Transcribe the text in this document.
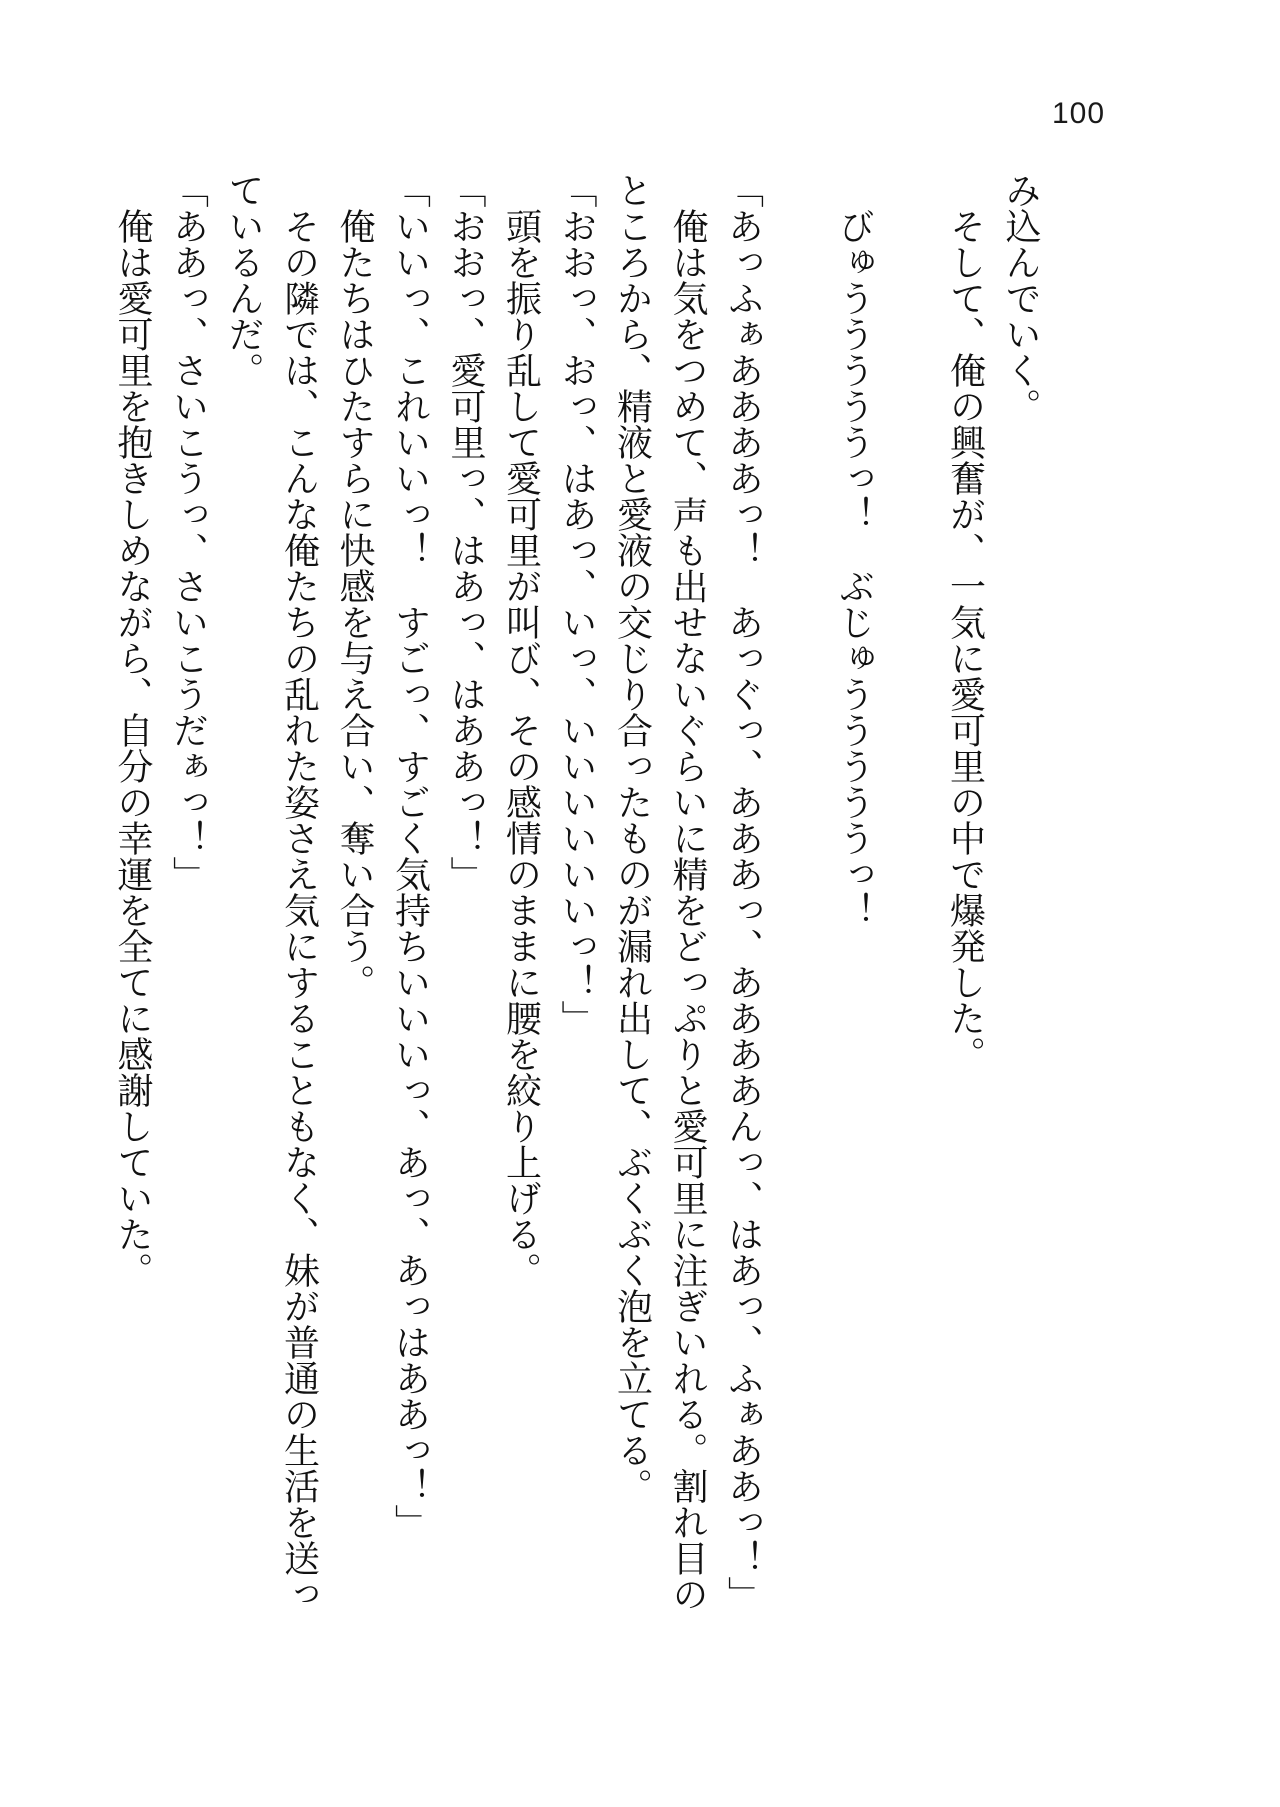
100
み込んでいく。
そして、俺の興奮が、一気に愛可里の中で爆発した。

びゅうううううっ！　ぶじゅうううううっ！

「あっふぁああああっ！　あっぐっ、あああっ、ああああんっ、はあっ、ふぁああっ！」
俺は気をつめて、声も出せないぐらいに精をどっぷりと愛可里に注ぎいれる。割れ目の
ところから、精液と愛液の交じり合ったものが漏れ出して、ぶくぶく泡を立てる。
「おおっ、おっ、はあっ、いっ、いいいいいいっ！」
頭を振り乱して愛可里が叫び、その感情のままに腰を絞り上げる。
「おおっ、愛可里っ、はあっ、はああっ！」
「いいっ、これいいっ！　すごっ、すごく気持ちいいいっ、あっ、あっはああっ！」
俺たちはひたすらに快感を与え合い、奪い合う。
その隣では、こんな俺たちの乱れた姿さえ気にすることもなく、妹が普通の生活を送っ
ているんだ。
「ああっ、さいこうっ、さいこうだぁっ！」
俺は愛可里を抱きしめながら、自分の幸運を全てに感謝していた。
